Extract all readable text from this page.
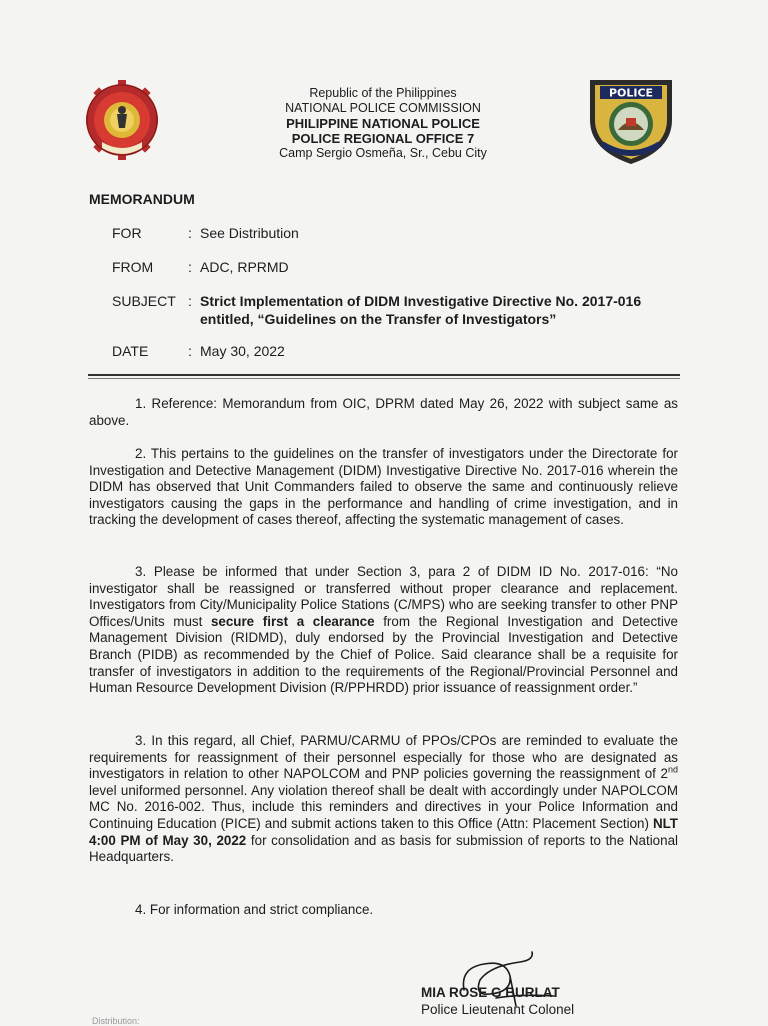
POLICE
Republic of the Philippines
NATIONAL POLICE COMMISSION
PHILIPPINE NATIONAL POLICE
POLICE REGIONAL OFFICE 7
Camp Sergio Osmeña, Sr., Cebu City
MEMORANDUM
FOR	: See Distribution
FROM : ADC, RPRMD
SUBJECT : Strict Implementation of DIDM Investigative Directive No. 2017-016
entitled, “Guidelines on the Transfer of Investigators”
DATE	: May 30, 2022
1. Reference: Memorandum from OIC, DPRM dated May 26, 2022 with subject same as above.
2. This pertains to the guidelines on the transfer of investigators under the Directorate for Investigation and Detective Management (DIDM) Investigative Directive No. 2017-016 wherein the DIDM has observed that Unit Commanders failed to observe the same and continuously relieve investigators causing the gaps in the performance and handling of crime investigation, and in tracking the development of cases thereof, affecting the systematic management of cases.
3. Please be informed that under Section 3, para 2 of DIDM ID No. 2017-016: “No investigator shall be reassigned or transferred without proper clearance and replacement. Investigators from City/Municipality Police Stations (C/MPS) who are seeking transfer to other PNP Offices/Units must secure first a clearance from the Regional Investigation and Detective Management Division (RIDMD), duly endorsed by the Provincial Investigation and Detective Branch (PIDB) as recommended by the Chief of Police. Said clearance shall be a requisite for transfer of investigators in addition to the requirements of the Regional/Provincial Personnel and Human Resource Development Division (R/PPHRDD) prior issuance of reassignment order.”
3. In this regard, all Chief, PARMU/CARMU of PPOs/CPOs are reminded to evaluate the requirements for reassignment of their personnel especially for those who are designated as investigators in relation to other NAPOLCOM and PNP policies governing the reassignment of 2nd level uniformed personnel. Any violation thereof shall be dealt with accordingly under NAPOLCOM MC No. 2016-002. Thus, include this reminders and directives in your Police Information and Continuing Education (PICE) and submit actions taken to this Office (Attn: Placement Section) NLT 4:00 PM of May 30, 2022 for consolidation and as basis for submission of reports to the National Headquarters.
4. For information and strict compliance.
MIA ROSE G BURLAT
Police Lieutenant Colonel
Distribution:
